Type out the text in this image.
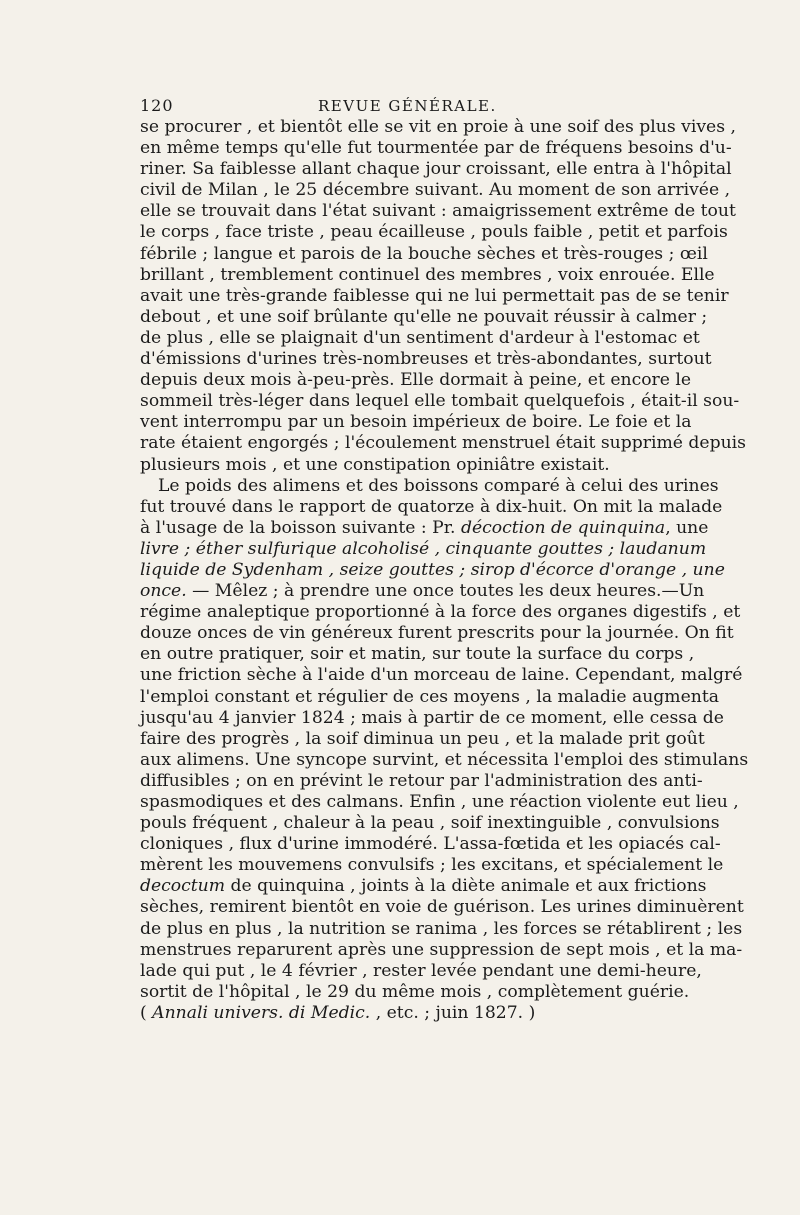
120	REVUE GÉNÉRALE.
se procurer , et bientôt elle se vit en proie à une soif des plus vives ,
en même temps qu'elle fut tourmentée par de fréquens besoins d'u-
riner. Sa faiblesse allant chaque jour croissant, elle entra à l'hôpital
civil de Milan , le 25 décembre suivant. Au moment de son arrivée ,
elle se trouvait dans l'état suivant : amaigrissement extrême de tout
le corps , face triste , peau écailleuse , pouls faible , petit et parfois
fébrile ; langue et parois de la bouche sèches et très-rouges ; œil
brillant , tremblement continuel des membres , voix enrouée. Elle
avait une très-grande faiblesse qui ne lui permettait pas de se tenir
debout , et une soif brûlante qu'elle ne pouvait réussir à calmer ;
de plus , elle se plaignait d'un sentiment d'ardeur à l'estomac et
d'émissions d'urines très-nombreuses et très-abondantes, surtout
depuis deux mois à-peu-près. Elle dormait à peine, et encore le
sommeil très-léger dans lequel elle tombait quelquefois , était-il sou-
vent interrompu par un besoin impérieux de boire. Le foie et la
rate étaient engorgés ; l'écoulement menstruel était supprimé depuis
plusieurs mois , et une constipation opiniâtre existait.
Le poids des alimens et des boissons comparé à celui des urines
fut trouvé dans le rapport de quatorze à dix-huit. On mit la malade
à l'usage de la boisson suivante : Pr. décoction de quinquina, une
livre ; éther sulfurique alcoholisé , cinquante gouttes ; laudanum
liquide de Sydenham , seize gouttes ; sirop d'écorce d'orange , une
once. — Mêlez ; à prendre une once toutes les deux heures.—Un
régime analeptique proportionné à la force des organes digestifs , et
douze onces de vin généreux furent prescrits pour la journée. On fit
en outre pratiquer, soir et matin, sur toute la surface du corps ,
une friction sèche à l'aide d'un morceau de laine. Cependant, malgré
l'emploi constant et régulier de ces moyens , la maladie augmenta
jusqu'au 4 janvier 1824 ; mais à partir de ce moment, elle cessa de
faire des progrès , la soif diminua un peu , et la malade prit goût
aux alimens. Une syncope survint, et nécessita l'emploi des stimulans
diffusibles ; on en prévint le retour par l'administration des anti-
spasmodiques et des calmans. Enfin , une réaction violente eut lieu ,
pouls fréquent , chaleur à la peau , soif inextinguible , convulsions
cloniques , flux d'urine immodéré. L'assa-fœtida et les opiacés cal-
mèrent les mouvemens convulsifs ; les excitans, et spécialement le
decoctum de quinquina , joints à la diète animale et aux frictions
sèches, remirent bientôt en voie de guérison. Les urines diminuèrent
de plus en plus , la nutrition se ranima , les forces se rétablirent ; les
menstrues reparurent après une suppression de sept mois , et la ma-
lade qui put , le 4 février , rester levée pendant une demi-heure,
sortit de l'hôpital , le 29 du même mois , complètement guérie.
( Annali univers. di Medic. , etc. ; juin 1827. )
